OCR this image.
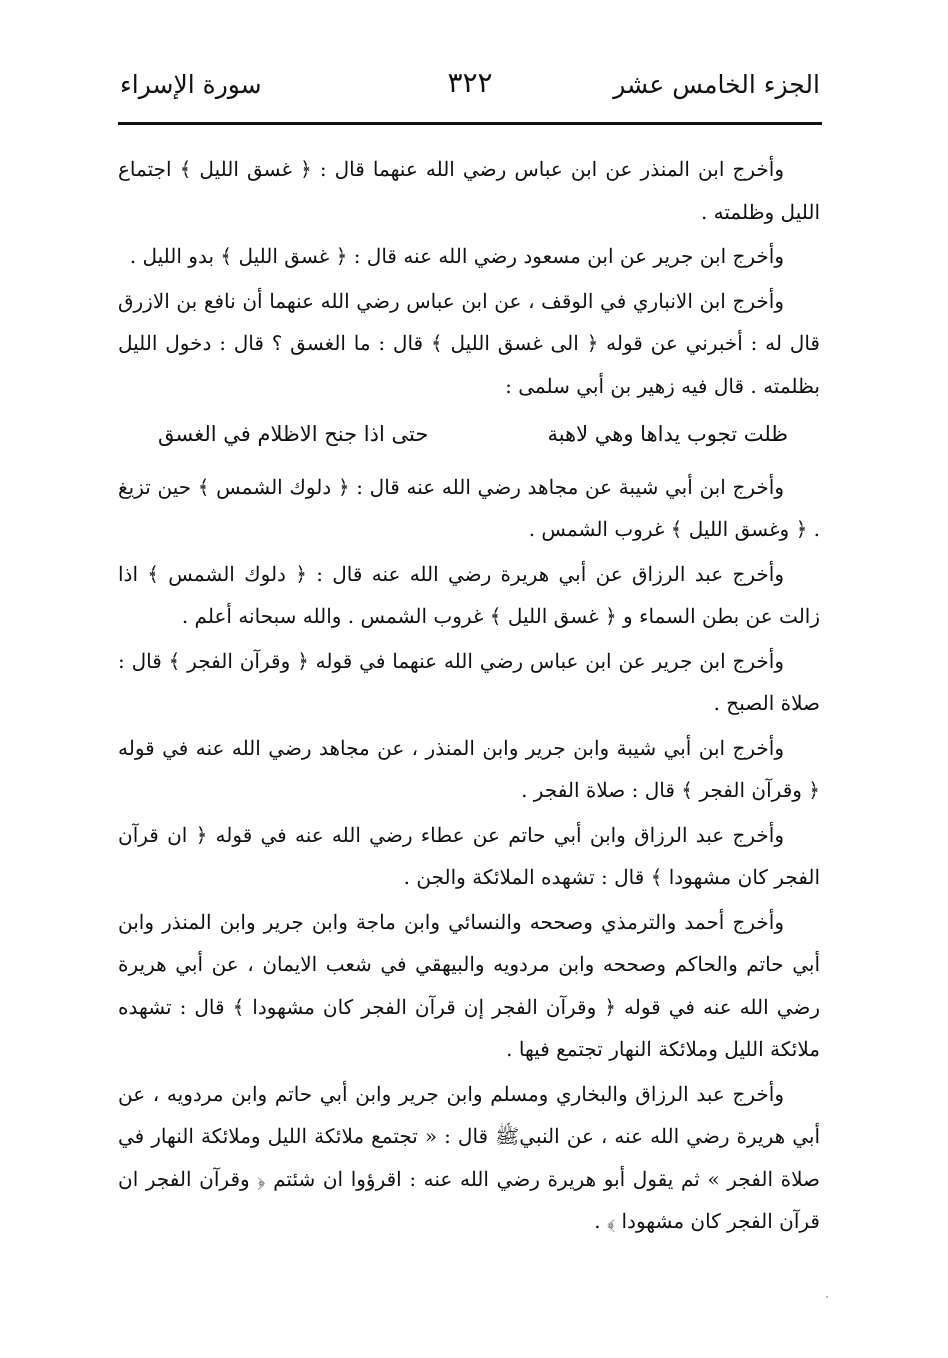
الجزء الخامس عشر
٣٢٢
سورة الإسراء

وأخرج ابن المنذر عن ابن عباس رضي الله عنهما قال : ﴿ غسق الليل ﴾ اجتماع الليل وظلمته .

وأخرج ابن جرير عن ابن مسعود رضي الله عنه قال : ﴿ غسق الليل ﴾ بدو الليل .

وأخرج ابن الانباري في الوقف ، عن ابن عباس رضي الله عنهما أن نافع بن الازرق قال له : أخبرني عن قوله ﴿ الى غسق الليل ﴾ قال : ما الغسق ؟ قال : دخول الليل بظلمته . قال فيه زهير بن أبي سلمى :

ظلت تجوب يداها وهي لاهبة
حتى اذا جنح الاظلام في الغسق

وأخرج ابن أبي شيبة عن مجاهد رضي الله عنه قال : ﴿ دلوك الشمس ﴾ حين تزيغ . ﴿ وغسق الليل ﴾ غروب الشمس .

وأخرج عبد الرزاق عن أبي هريرة رضي الله عنه قال : ﴿ دلوك الشمس ﴾ اذا زالت عن بطن السماء و ﴿ غسق الليل ﴾ غروب الشمس . والله سبحانه أعلم .

وأخرج ابن جرير عن ابن عباس رضي الله عنهما في قوله ﴿ وقرآن الفجر ﴾ قال : صلاة الصبح .

وأخرج ابن أبي شيبة وابن جرير وابن المنذر ، عن مجاهد رضي الله عنه في قوله ﴿ وقرآن الفجر ﴾ قال : صلاة الفجر .

وأخرج عبد الرزاق وابن أبي حاتم عن عطاء رضي الله عنه في قوله ﴿ ان قرآن الفجر كان مشهودا ﴾ قال : تشهده الملائكة والجن .

وأخرج أحمد والترمذي وصححه والنسائي وابن ماجة وابن جرير وابن المنذر وابن أبي حاتم والحاكم وصححه وابن مردويه والبيهقي في شعب الايمان ، عن أبي هريرة رضي الله عنه في قوله ﴿ وقرآن الفجر إن قرآن الفجر كان مشهودا ﴾ قال : تشهده ملائكة الليل وملائكة النهار تجتمع فيها .

وأخرج عبد الرزاق والبخاري ومسلم وابن جرير وابن أبي حاتم وابن مردويه ، عن أبي هريرة رضي الله عنه ، عن النبيﷺ قال : « تجتمع ملائكة الليل وملائكة النهار في صلاة الفجر » ثم يقول أبو هريرة رضي الله عنه : اقرؤوا ان شئتم ﴿ وقرآن الفجر ان قرآن الفجر كان مشهودا ﴾ .
